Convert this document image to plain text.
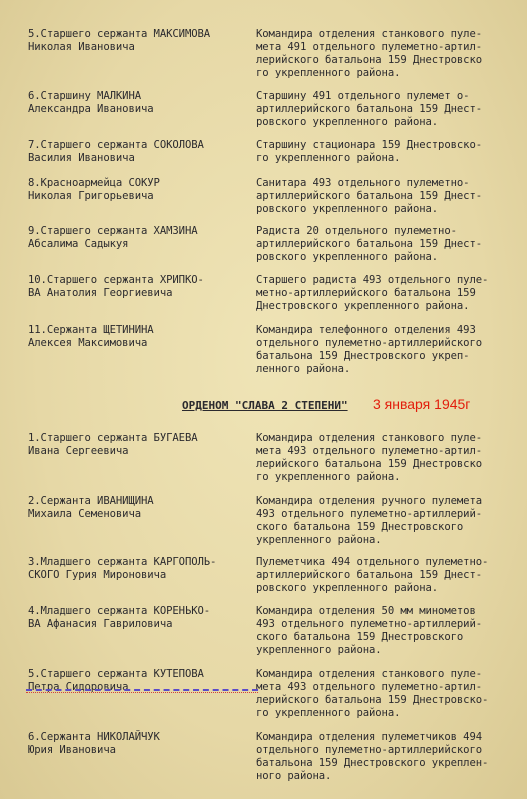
5.Старшего сержанта МАКСИМОВА
Николая Ивановича
Командира отделения станкового пуле-
мета 491 отдельного пулеметно-артил-
лерийского батальона 159 Днестровско
го укрепленного района.
6.Старшину МАЛКИНА
Александра Ивановича
Старшину 491 отдельного пулемет о-
артиллерийского батальона 159 Днест-
ровского укрепленного района.
7.Старшего сержанта СОКОЛОВА
Василия Ивановича
Старшину стационара 159 Днестровско-
го укрепленного района.
8.Красноармейца СОКУР
Николая Григорьевича
Санитара 493 отдельного пулеметно-
артиллерийского батальона 159 Днест-
ровского укрепленного района.
9.Старшего сержанта ХАМЗИНА
Абсалима Садыкуя
Радиста 20 отдельного пулеметно-
артиллерийского батальона 159 Днест-
ровского укрепленного района.
10.Старшего сержанта ХРИПКО-
ВА Анатолия Георгиевича
Старшего радиста 493 отдельного пуле-
метно-артиллерийского батальона 159
Днестровского укрепленного района.
11.Сержанта ЩЕТИНИНА
Алексея Максимовича
Командира телефонного отделения 493
отдельного пулеметно-артиллерийского
батальона 159 Днестровского укреп-
ленного района.
ОРДЕНОМ "СЛАВА 2 СТЕПЕНИ" 3 января 1945г
1.Старшего сержанта БУГАЕВА
Ивана Сергеевича
Командира отделения станкового пуле-
мета 493 отдельного пулеметно-артил-
лерийского батальона 159 Днестровско
го укрепленного района.
2.Сержанта ИВАНИЩИНА
Михаила Семеновича
Командира отделения ручного пулемета
493 отдельного пулеметно-артиллерий-
ского батальона 159 Днестровского
укрепленного района.
3.Младшего сержанта КАРГОПОЛЬ-
СКОГО Гурия Мироновича
Пулеметчика 494 отдельного пулеметно-
артиллерийского батальона 159 Днест-
ровского укрепленного района.
4.Младшего сержанта КОРЕНЬКО-
ВА Афанасия Гавриловича
Командира отделения 50 мм минометов
493 отдельного пулеметно-артиллерий-
ского батальона 159 Днестровского
укрепленного района.
5.Старшего сержанта КУТЕПОВА
Петра Сидоровича
Командира отделения станкового пуле-
мета 493 отдельного пулеметно-артил-
лерийского батальона 159 Днестровско-
го укрепленного района.
6.Сержанта НИКОЛАЙЧУК
Юрия Ивановича
Командира отделения пулеметчиков 494
отдельного пулеметно-артиллерийского
батальона 159 Днестровского укреплен-
ного района.
